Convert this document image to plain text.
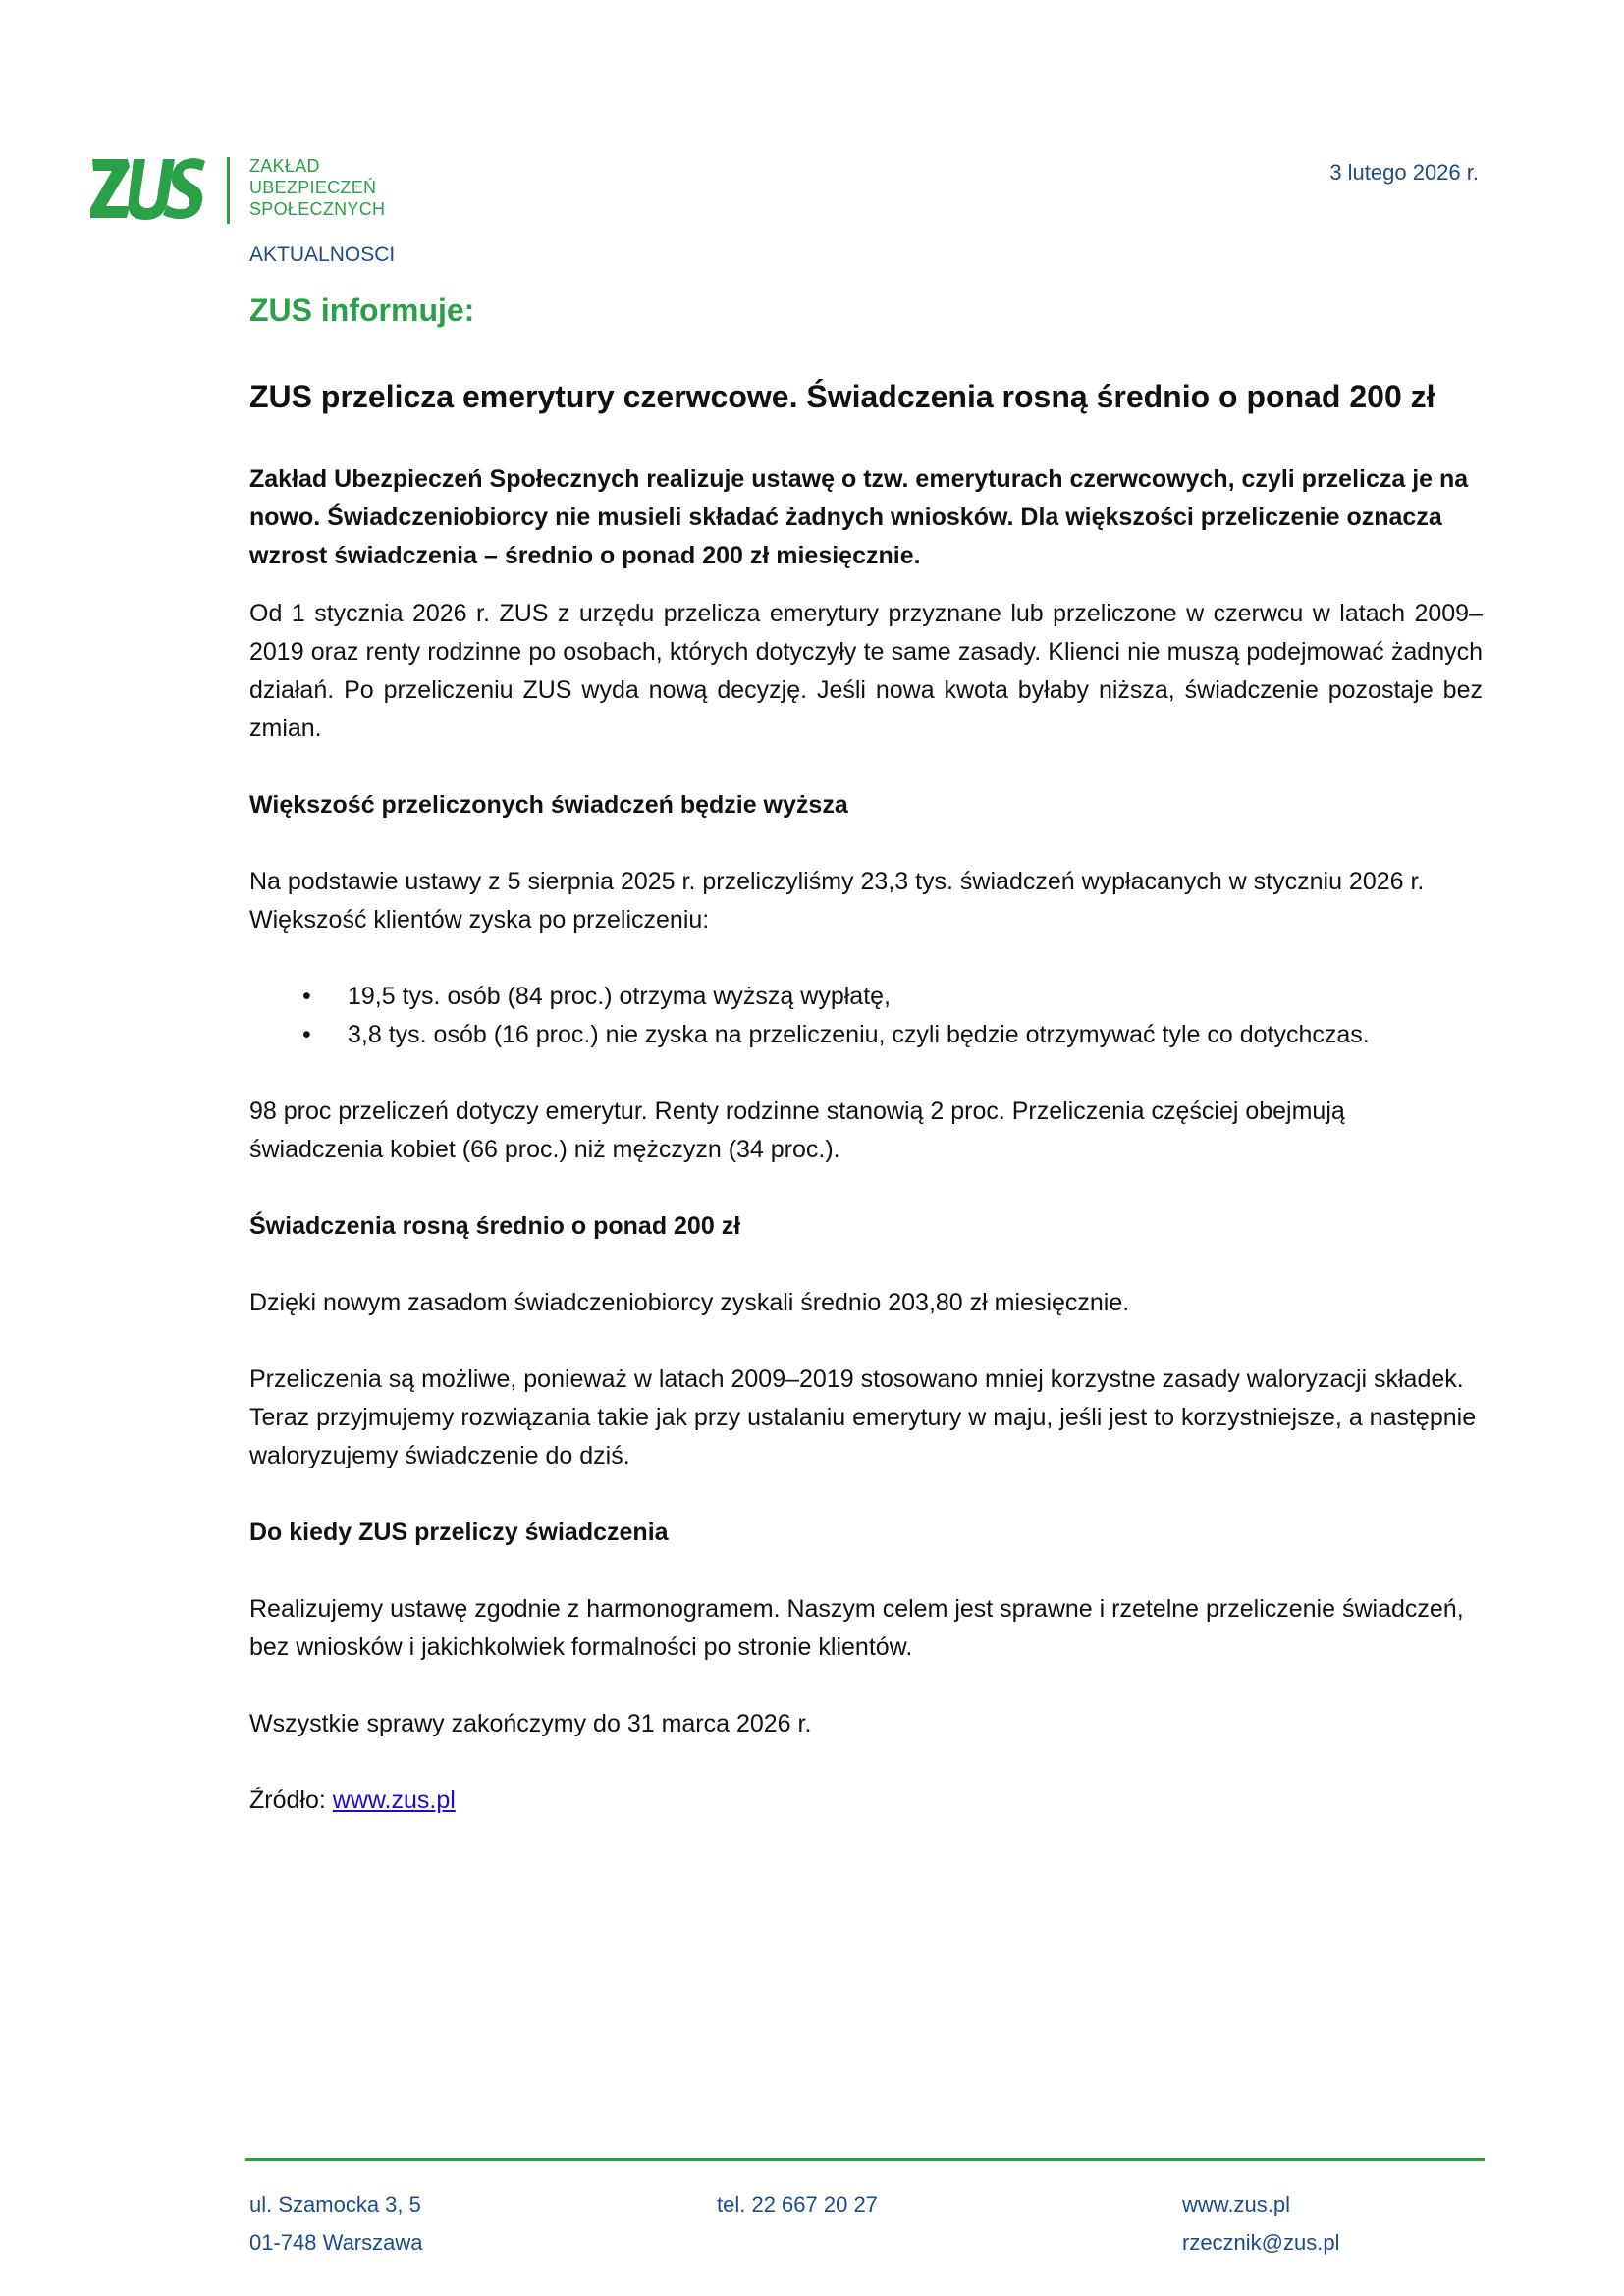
ZUS
ZAKŁAD
UBEZPIECZEŃ
SPOŁECZNYCH
3 lutego 2026 r.
AKTUALNOSCI
ZUS informuje:
ZUS przelicza emerytury czerwcowe. Świadczenia rosną średnio o ponad 200 zł

Zakład Ubezpieczeń Społecznych realizuje ustawę o tzw. emeryturach czerwcowych, czyli przelicza je na nowo. Świadczeniobiorcy nie musieli składać żadnych wniosków. Dla większości przeliczenie oznacza wzrost świadczenia – średnio o ponad 200 zł miesięcznie.

Od 1 stycznia 2026 r. ZUS z urzędu przelicza emerytury przyznane lub przeliczone w czerwcu w latach 2009–2019 oraz renty rodzinne po osobach, których dotyczyły te same zasady. Klienci nie muszą podejmować żadnych działań. Po przeliczeniu ZUS wyda nową decyzję. Jeśli nowa kwota byłaby niższa, świadczenie pozostaje bez zmian.

Większość przeliczonych świadczeń będzie wyższa

Na podstawie ustawy z 5 sierpnia 2025 r. przeliczyliśmy 23,3 tys. świadczeń wypłacanych w styczniu 2026 r. Większość klientów zyska po przeliczeniu:

• 19,5 tys. osób (84 proc.) otrzyma wyższą wypłatę,
• 3,8 tys. osób (16 proc.) nie zyska na przeliczeniu, czyli będzie otrzymywać tyle co dotychczas.

98 proc przeliczeń dotyczy emerytur. Renty rodzinne stanowią 2 proc. Przeliczenia częściej obejmują świadczenia kobiet (66 proc.) niż mężczyzn (34 proc.).

Świadczenia rosną średnio o ponad 200 zł

Dzięki nowym zasadom świadczeniobiorcy zyskali średnio 203,80 zł miesięcznie.

Przeliczenia są możliwe, ponieważ w latach 2009–2019 stosowano mniej korzystne zasady waloryzacji składek. Teraz przyjmujemy rozwiązania takie jak przy ustalaniu emerytury w maju, jeśli jest to korzystniejsze, a następnie waloryzujemy świadczenie do dziś.

Do kiedy ZUS przeliczy świadczenia

Realizujemy ustawę zgodnie z harmonogramem. Naszym celem jest sprawne i rzetelne przeliczenie świadczeń, bez wniosków i jakichkolwiek formalności po stronie klientów.

Wszystkie sprawy zakończymy do 31 marca 2026 r.

Źródło: www.zus.pl

ul. Szamocka 3, 5
01-748 Warszawa
tel. 22 667 20 27	www.zus.pl
rzecznik@zus.pl
